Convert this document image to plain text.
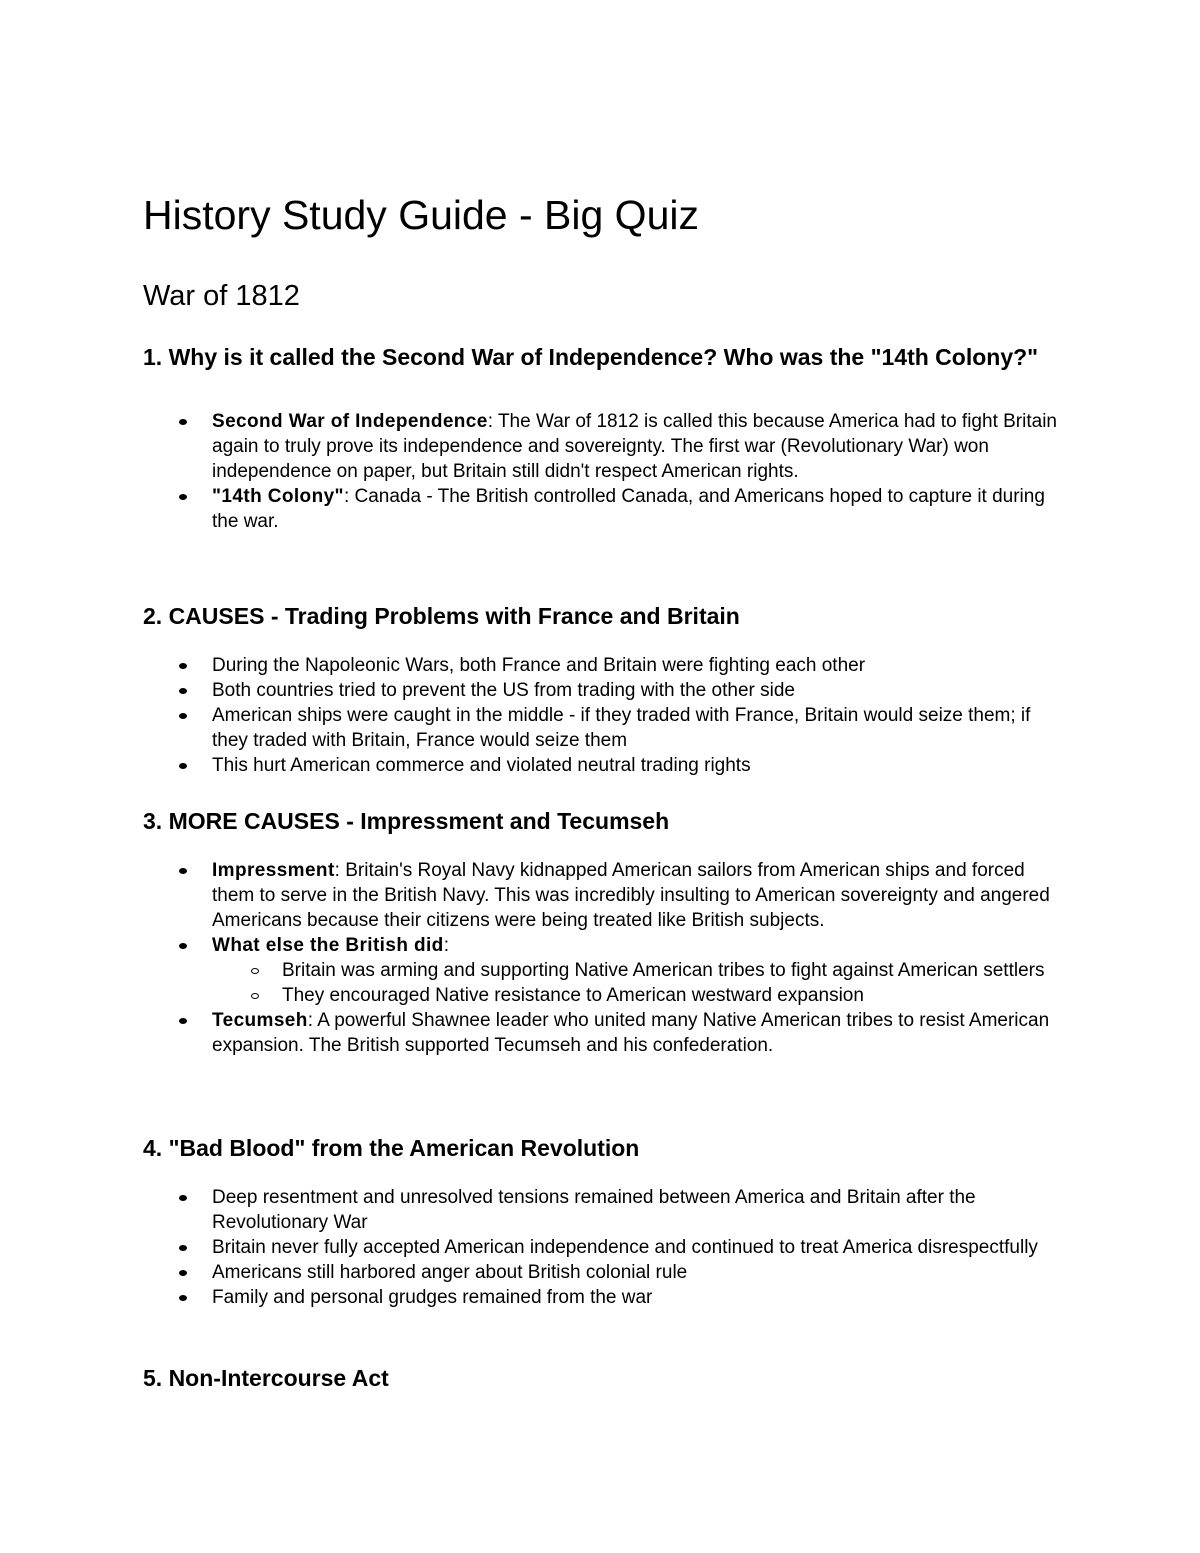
History Study Guide - Big Quiz
War of 1812
1. Why is it called the Second War of Independence? Who was the "14th Colony?"
Second War of Independence: The War of 1812 is called this because America had to fight Britain again to truly prove its independence and sovereignty. The first war (Revolutionary War) won independence on paper, but Britain still didn't respect American rights.
"14th Colony": Canada - The British controlled Canada, and Americans hoped to capture it during the war.
2. CAUSES - Trading Problems with France and Britain
During the Napoleonic Wars, both France and Britain were fighting each other
Both countries tried to prevent the US from trading with the other side
American ships were caught in the middle - if they traded with France, Britain would seize them; if they traded with Britain, France would seize them
This hurt American commerce and violated neutral trading rights
3. MORE CAUSES - Impressment and Tecumseh
Impressment: Britain's Royal Navy kidnapped American sailors from American ships and forced them to serve in the British Navy. This was incredibly insulting to American sovereignty and angered Americans because their citizens were being treated like British subjects.
What else the British did:
Britain was arming and supporting Native American tribes to fight against American settlers
They encouraged Native resistance to American westward expansion
Tecumseh: A powerful Shawnee leader who united many Native American tribes to resist American expansion. The British supported Tecumseh and his confederation.
4. "Bad Blood" from the American Revolution
Deep resentment and unresolved tensions remained between America and Britain after the Revolutionary War
Britain never fully accepted American independence and continued to treat America disrespectfully
Americans still harbored anger about British colonial rule
Family and personal grudges remained from the war
5. Non-Intercourse Act
